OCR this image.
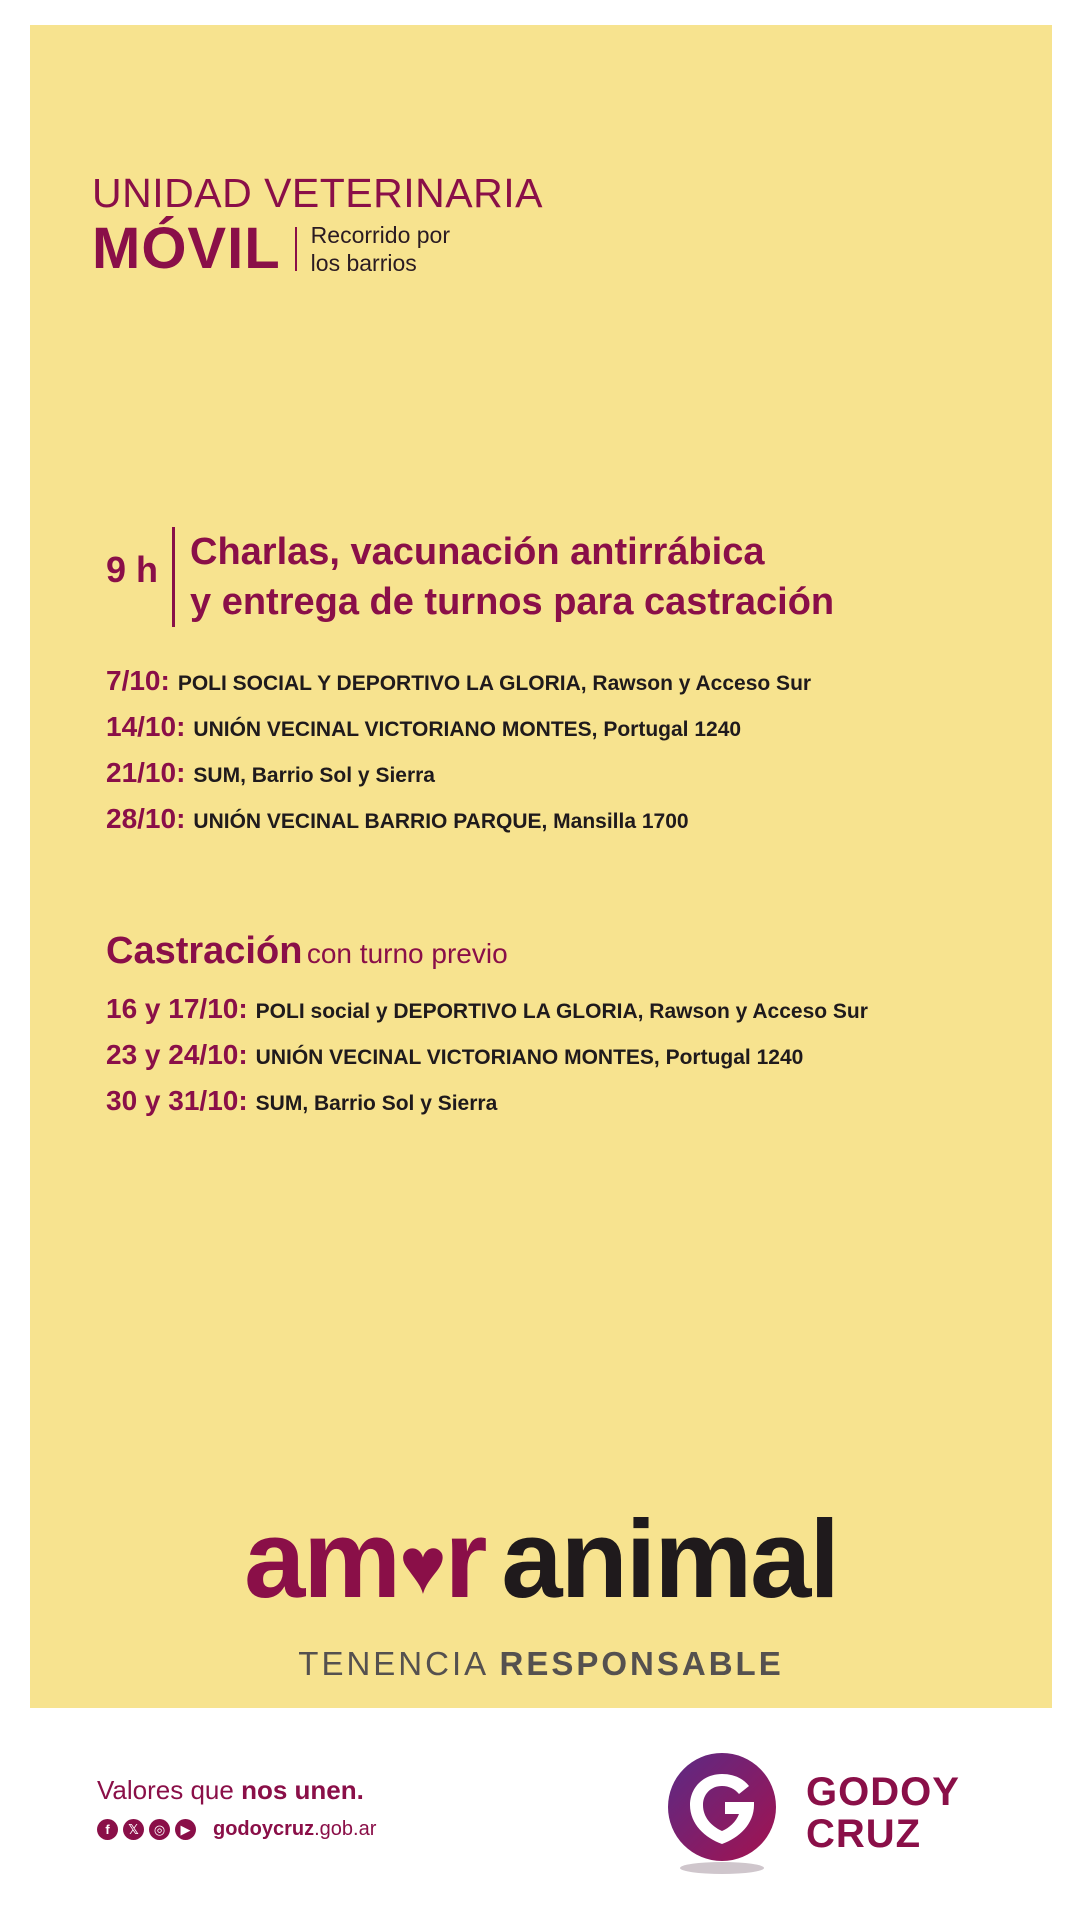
UNIDAD VETERINARIA
MÓVIL Recorrido por
los barrios
9 h Charlas, vacunación antirrábica
y entrega de turnos para castración
7/10: POLI SOCIAL Y DEPORTIVO LA GLORIA, Rawson y Acceso Sur
14/10: UNIÓN VECINAL VICTORIANO MONTES, Portugal 1240
21/10: SUM, Barrio Sol y Sierra
28/10: UNIÓN VECINAL BARRIO PARQUE, Mansilla 1700
Castración con turno previo
16 y 17/10: POLI social y DEPORTIVO LA GLORIA, Rawson y Acceso Sur
23 y 24/10: UNIÓN VECINAL VICTORIANO MONTES, Portugal 1240
30 y 31/10: SUM, Barrio Sol y Sierra
am♥r animal
TENENCIA RESPONSABLE
Valores que nos unen.
f	𝕏	◎	▶ godoycruz.gob.ar
GODOY
CRUZ
